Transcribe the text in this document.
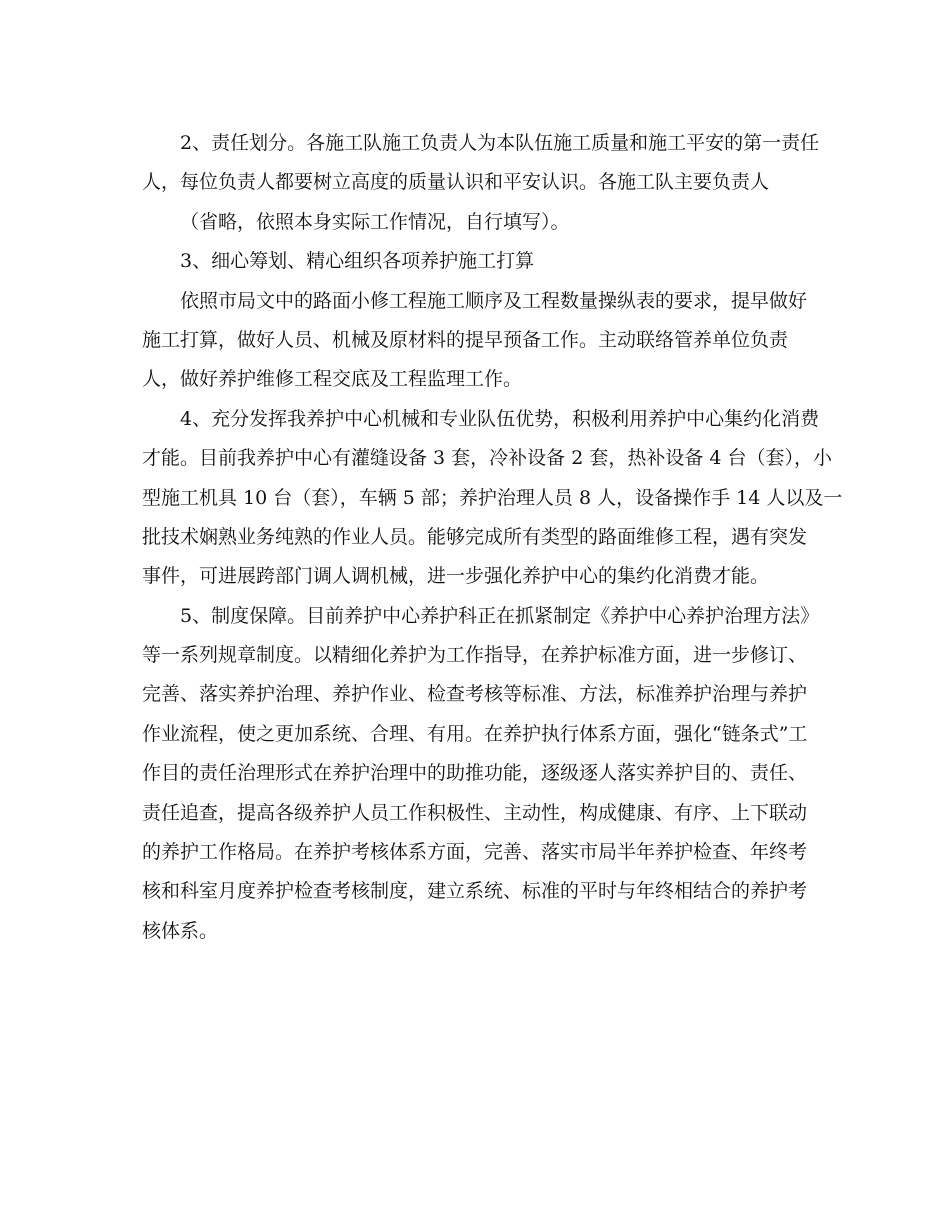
2、责任划分。各施工队施工负责人为本队伍施工质量和施工平安的第一责任
人，每位负责人都要树立高度的质量认识和平安认识。各施工队主要负责人
（省略，依照本身实际工作情况，自行填写）。
3、细心筹划、精心组织各项养护施工打算
依照市局文中的路面小修工程施工顺序及工程数量操纵表的要求，提早做好
施工打算，做好人员、机械及原材料的提早预备工作。主动联络管养单位负责
人，做好养护维修工程交底及工程监理工作。
4、充分发挥我养护中心机械和专业队伍优势，积极利用养护中心集约化消费
才能。目前我养护中心有灌缝设备 3 套，冷补设备 2 套，热补设备 4 台（套），小
型施工机具 10 台（套），车辆 5 部；养护治理人员 8 人，设备操作手 14 人以及一
批技术娴熟业务纯熟的作业人员。能够完成所有类型的路面维修工程，遇有突发
事件，可进展跨部门调人调机械，进一步强化养护中心的集约化消费才能。
5、制度保障。目前养护中心养护科正在抓紧制定《养护中心养护治理方法》
等一系列规章制度。以精细化养护为工作指导，在养护标准方面，进一步修订、
完善、落实养护治理、养护作业、检查考核等标准、方法，标准养护治理与养护
作业流程，使之更加系统、合理、有用。在养护执行体系方面，强化“链条式”工
作目的责任治理形式在养护治理中的助推功能，逐级逐人落实养护目的、责任、
责任追查，提高各级养护人员工作积极性、主动性，构成健康、有序、上下联动
的养护工作格局。在养护考核体系方面，完善、落实市局半年养护检查、年终考
核和科室月度养护检查考核制度，建立系统、标准的平时与年终相结合的养护考
核体系。
